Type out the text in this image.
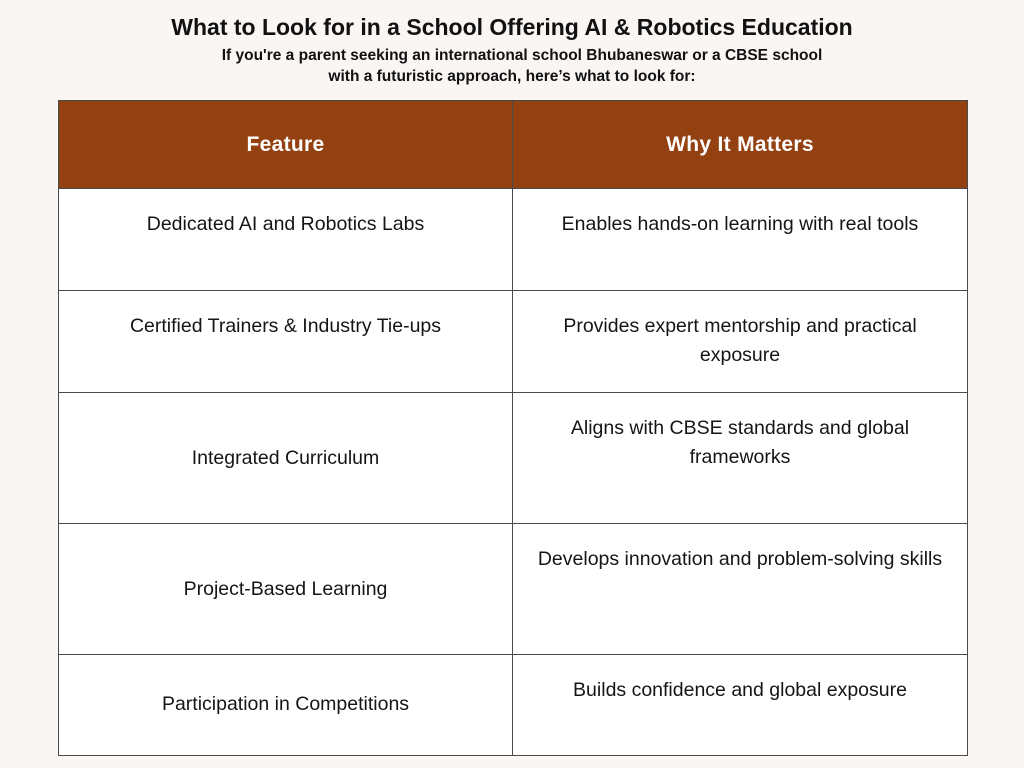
What to Look for in a School Offering AI & Robotics Education
If you're a parent seeking an international school Bhubaneswar or a CBSE school
with a futuristic approach, here’s what to look for:
Feature	Why It Matters
Dedicated AI and Robotics Labs	Enables hands-on learning with real tools
Certified Trainers & Industry Tie-ups	Provides expert mentorship and practical exposure
Integrated Curriculum	Aligns with CBSE standards and global frameworks
Project-Based Learning	Develops innovation and problem-solving skills
Participation in Competitions	Builds confidence and global exposure
